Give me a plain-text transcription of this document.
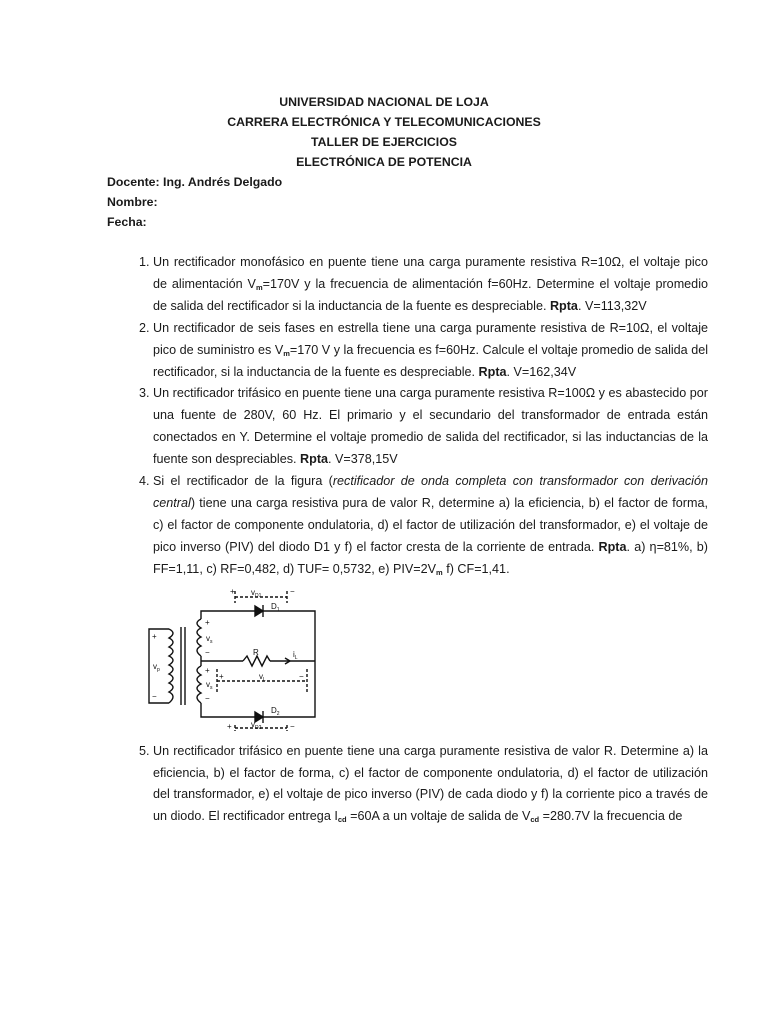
UNIVERSIDAD NACIONAL DE LOJA
CARRERA ELECTRÓNICA Y TELECOMUNICACIONES
TALLER DE EJERCICIOS
ELECTRÓNICA DE POTENCIA
Docente: Ing. Andrés Delgado
Nombre:
Fecha:
1. Un rectificador monofásico en puente tiene una carga puramente resistiva R=10Ω, el voltaje pico de alimentación $V_m=170V$ y la frecuencia de alimentación f=60Hz. Determine el voltaje promedio de salida del rectificador si la inductancia de la fuente es despreciable. Rpta. V=113,32V
2. Un rectificador de seis fases en estrella tiene una carga puramente resistiva de R=10Ω, el voltaje pico de suministro es $V_m=170$ V y la frecuencia es f=60Hz. Calcule el voltaje promedio de salida del rectificador, si la inductancia de la fuente es despreciable. Rpta. V=162,34V
3. Un rectificador trifásico en puente tiene una carga puramente resistiva R=100Ω y es abastecido por una fuente de 280V, 60 Hz. El primario y el secundario del transformador de entrada están conectados en Y. Determine el voltaje promedio de salida del rectificador, si las inductancias de la fuente son despreciables. Rpta. V=378,15V
4. Si el rectificador de la figura (rectificador de onda completa con transformador con derivación central) tiene una carga resistiva pura de valor R, determine a) la eficiencia, b) el factor de forma, c) el factor de componente ondulatoria, d) el factor de utilización del transformador, e) el voltaje de pico inverso (PIV) del diodo D1 y f) el factor cresta de la corriente de entrada. Rpta. a) η=81%, b) FF=1,11, c) RF=0,482, d) TUF= 0,5732, e) $PIV=2V_m$ f) CF=1,41.
$v_{D1}$
+	−
$D_1$
R	$i_L$
$v_L$
+	−
$D_2$
$v_{D2}$
+	−
$v_p$
+
−
$v_s$
+
−
$v_s$
+
−
5. Un rectificador trifásico en puente tiene una carga puramente resistiva de valor R. Determine a) la eficiencia, b) el factor de forma, c) el factor de componente ondulatoria, d) el factor de utilización del transformador, e) el voltaje de pico inverso (PIV) de cada diodo y f) la corriente pico a través de un diodo. El rectificador entrega $I_{cd} =60A$ a un voltaje de salida de $V_{cd} =280.7V$ la frecuencia de
